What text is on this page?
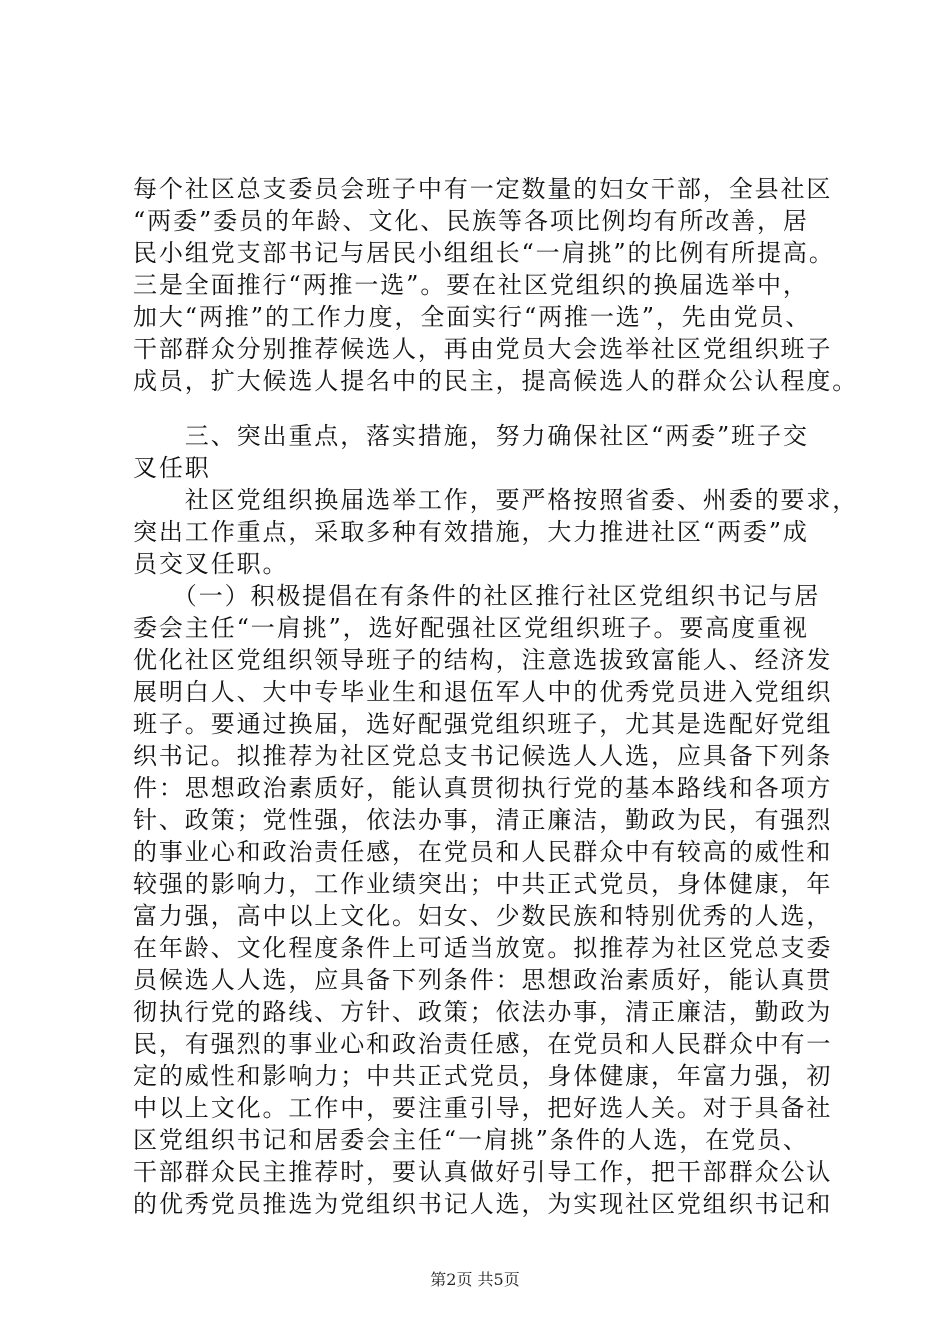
每个社区总支委员会班子中有一定数量的妇女干部，全县社区
“两委”委员的年龄、文化、民族等各项比例均有所改善，居
民小组党支部书记与居民小组组长“一肩挑”的比例有所提高。
三是全面推行“两推一选”。要在社区党组织的换届选举中，
加大“两推”的工作力度，全面实行“两推一选”，先由党员、
干部群众分别推荐候选人，再由党员大会选举社区党组织班子
成员，扩大候选人提名中的民主，提高候选人的群众公认程度。
　　三、突出重点，落实措施，努力确保社区“两委”班子交
叉任职
　　社区党组织换届选举工作，要严格按照省委、州委的要求，
突出工作重点，采取多种有效措施，大力推进社区“两委”成
员交叉任职。
　　（一）积极提倡在有条件的社区推行社区党组织书记与居
委会主任“一肩挑”，选好配强社区党组织班子。要高度重视
优化社区党组织领导班子的结构，注意选拔致富能人、经济发
展明白人、大中专毕业生和退伍军人中的优秀党员进入党组织
班子。要通过换届，选好配强党组织班子，尤其是选配好党组
织书记。拟推荐为社区党总支书记候选人人选，应具备下列条
件：思想政治素质好，能认真贯彻执行党的基本路线和各项方
针、政策；党性强，依法办事，清正廉洁，勤政为民，有强烈
的事业心和政治责任感，在党员和人民群众中有较高的威性和
较强的影响力，工作业绩突出；中共正式党员，身体健康，年
富力强，高中以上文化。妇女、少数民族和特别优秀的人选，
在年龄、文化程度条件上可适当放宽。拟推荐为社区党总支委
员候选人人选，应具备下列条件：思想政治素质好，能认真贯
彻执行党的路线、方针、政策；依法办事，清正廉洁，勤政为
民，有强烈的事业心和政治责任感，在党员和人民群众中有一
定的威性和影响力；中共正式党员，身体健康，年富力强，初
中以上文化。工作中，要注重引导，把好选人关。对于具备社
区党组织书记和居委会主任“一肩挑”条件的人选，在党员、
干部群众民主推荐时，要认真做好引导工作，把干部群众公认
的优秀党员推选为党组织书记人选，为实现社区党组织书记和
第2页 共5页
